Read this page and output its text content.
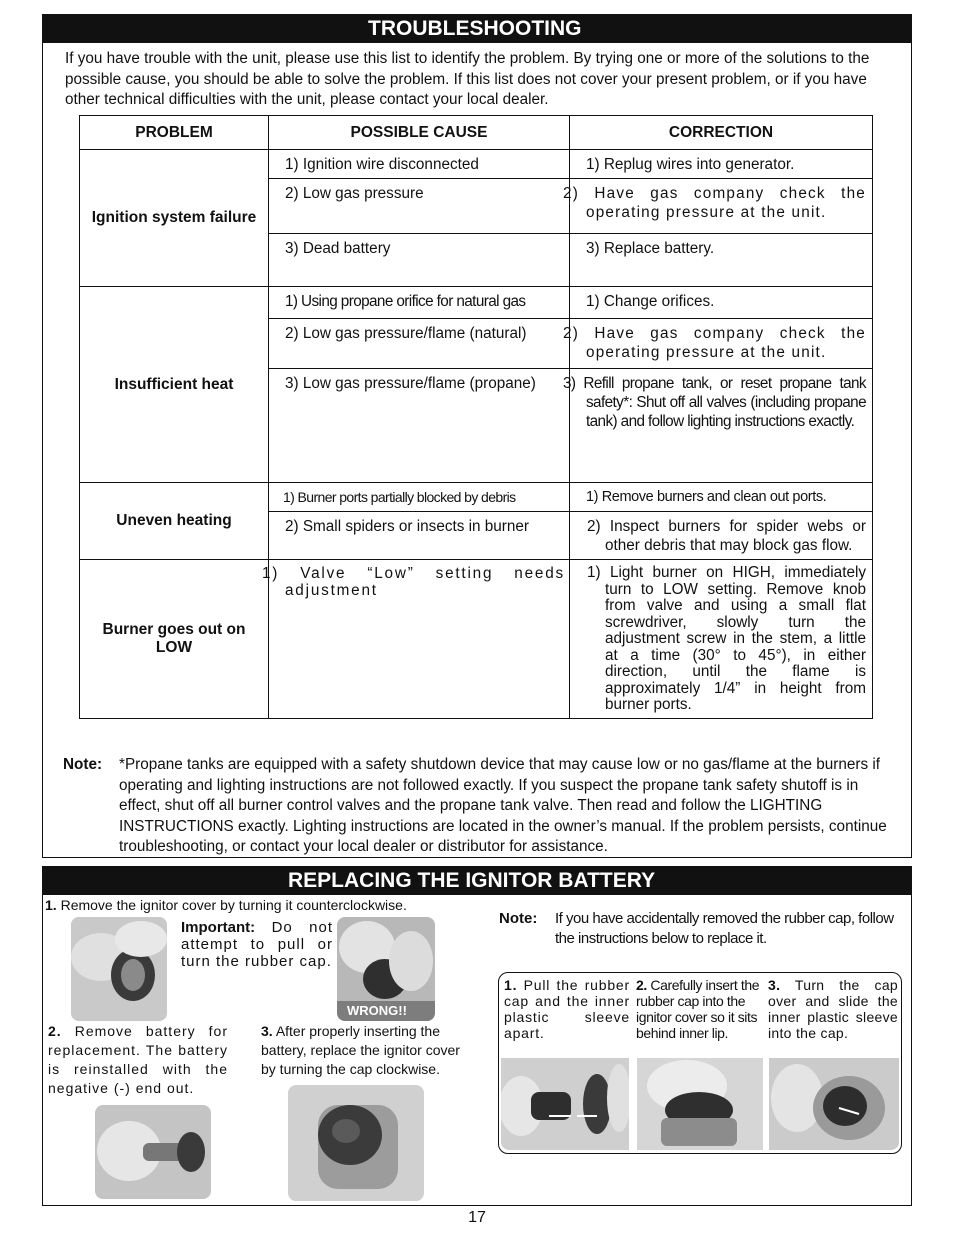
TROUBLESHOOTING

If you have trouble with the unit, please use this list to identify the problem. By trying one or more of the solutions to the possible cause, you should be able to solve the problem. If this list does not cover your present problem, or if you have other technical difficulties with the unit, please contact your local dealer.

PROBLEM	POSSIBLE CAUSE	CORRECTION
Ignition system failure	1) Ignition wire disconnected	1) Replug wires into generator.
	2) Low gas pressure	2) Have gas company check the operating pressure at the unit.
	3) Dead battery	3) Replace battery.
Insufficient heat	1) Using propane orifice for natural gas	1) Change orifices.
	2) Low gas pressure/flame (natural)	2) Have gas company check the operating pressure at the unit.
	3) Low gas pressure/flame (propane)	3) Refill propane tank, or reset propane tank safety*: Shut off all valves (including propane tank) and follow lighting instructions exactly.
Uneven heating	1) Burner ports partially blocked by debris	1) Remove burners and clean out ports.
	2) Small spiders or insects in burner	2) Inspect burners for spider webs or other debris that may block gas flow.
Burner goes out on LOW	1) Valve “Low” setting needs adjustment	1) Light burner on HIGH, immediately turn to LOW setting. Remove knob from valve and using a small flat screwdriver, slowly turn the adjustment screw in the stem, a little at a time (30° to 45°), in either direction, until the flame is approximately 1/4” in height from burner ports.
Note: *Propane tanks are equipped with a safety shutdown device that may cause low or no gas/flame at the burners if operating and lighting instructions are not followed exactly. If you suspect the propane tank safety shutoff is in effect, shut off all burner control valves and the propane tank valve. Then read and follow the LIGHTING INSTRUCTIONS exactly. Lighting instructions are located in the owner’s manual. If the problem persists, continue troubleshooting, or contact your local dealer or distributor for assistance.

REPLACING THE IGNITOR BATTERY

1. Remove the ignitor cover by turning it counterclockwise.

Important: Do not attempt to pull or turn the rubber cap.

WRONG!!

2. Remove battery for replacement. The battery is reinstalled with the negative (-) end out.

3. After properly inserting the battery, replace the ignitor cover by turning the cap clockwise.

Note:	If you have accidentally removed the rubber cap, follow the instructions below to replace it.

1. Pull the rubber cap and the inner plastic sleeve apart.

2. Carefully insert the rubber cap into the ignitor cover so it sits behind inner lip.

3. Turn the cap over and slide the inner plastic sleeve into the cap.

17
